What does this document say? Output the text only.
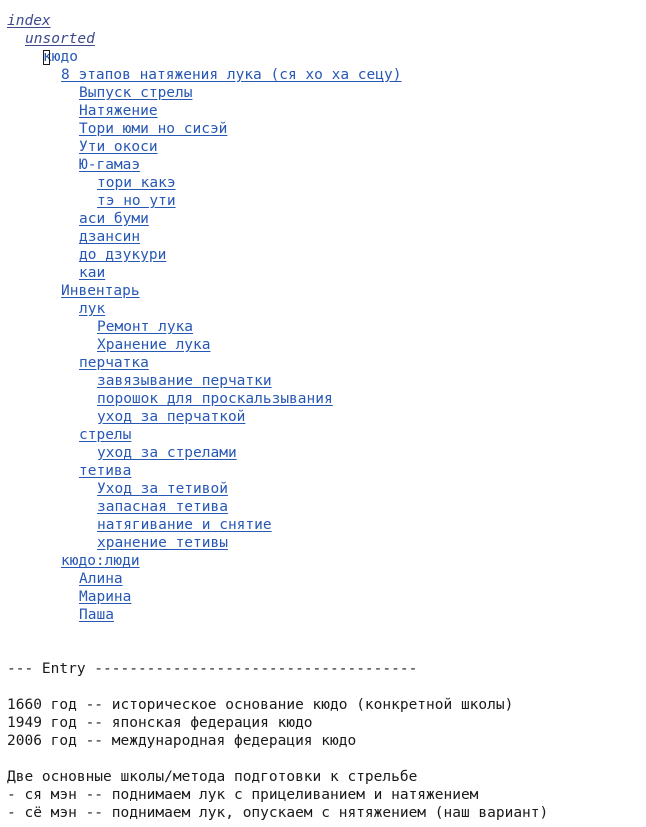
index
unsorted
кюдо
8 этапов натяжения лука (ся хо ха сецу)
Выпуск стрелы
Натяжение
Тори юми но сисэй
Ути окоси
Ю-гамаэ
тори какэ
тэ но ути
аси буми
дзансин
до дзукури
каи
Инвентарь
лук
Ремонт лука
Хранение лука
перчатка
завязывание перчатки
порошок для проскальзывания
уход за перчаткой
стрелы
уход за стрелами
тетива
Уход за тетивой
запасная тетива
натягивание и снятие
хранение тетивы
кюдо:люди
Алина
Марина
Паша
--- Entry -------------------------------------
1660 год -- историческое основание кюдо (конкретной школы)
1949 год -- японская федерация кюдо
2006 год -- международная федерация кюдо
Две основные школы/метода подготовки к стрельбе
- ся мэн -- поднимаем лук с прицеливанием и натяжением
- сё мэн -- поднимаем лук, опускаем с нятяжением (наш вариант)
